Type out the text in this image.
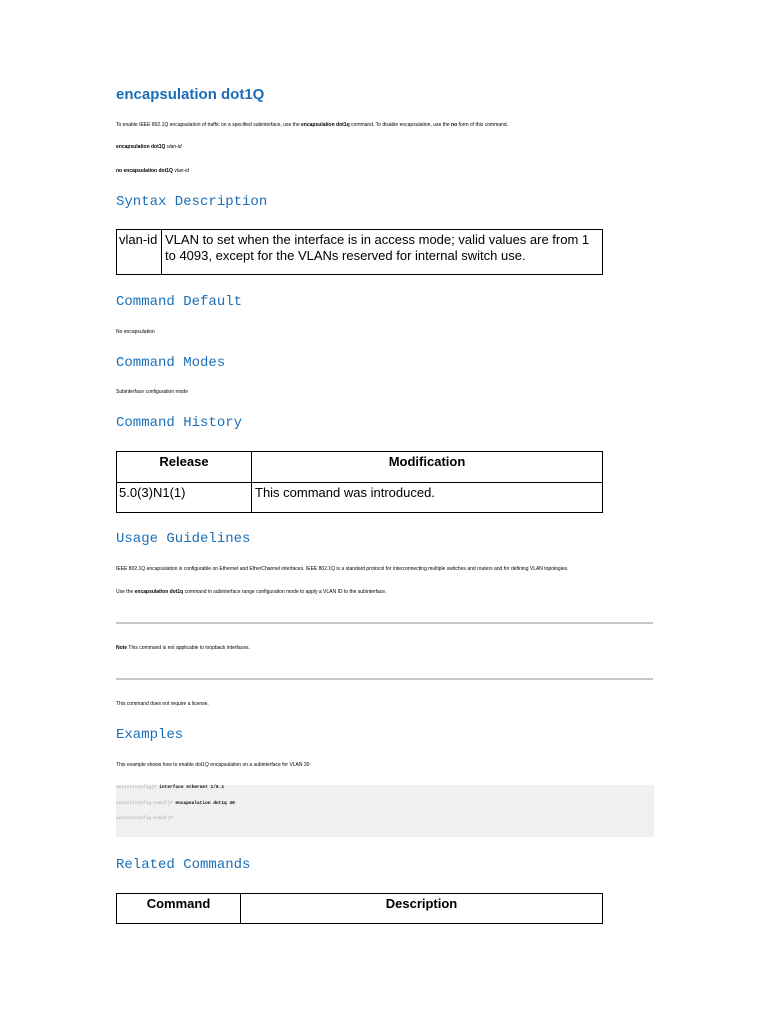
encapsulation dot1Q
To enable IEEE 802.1Q encapsulation of traffic on a specified subinterface, use the encapsulation dot1q command. To disable encapsulation, use the no form of this command.
encapsulation dot1Q vlan-id
no encapsulation dot1Q vlan-id
Syntax Description
vlan-id	VLAN to set when the interface is in access mode; valid values are from 1 to 4093, except for the VLANs reserved for internal switch use.
Command Default
No encapsulation
Command Modes
Subinterface configuration mode
Command History
Release	Modification
5.0(3)N1(1)	This command was introduced.
Usage Guidelines
IEEE 802.1Q encapsulation is configurable on Ethernet and EtherChannel interfaces. IEEE 802.1Q is a standard protocol for interconnecting multiple switches and routers and for defining VLAN topologies.
Use the encapsulation dot1q command in subinterface range configuration mode to apply a VLAN ID to the subinterface.
Note This command is not applicable to loopback interfaces.
This command does not require a license.
Examples
This example shows how to enable dot1Q encapsulation on a subinterface for VLAN 30:
switch(config)# interface ethernet 1/5.1
switch(config-subif)# encapsulation dot1q 30
switch(config-subif)#
Related Commands
Command	Description
